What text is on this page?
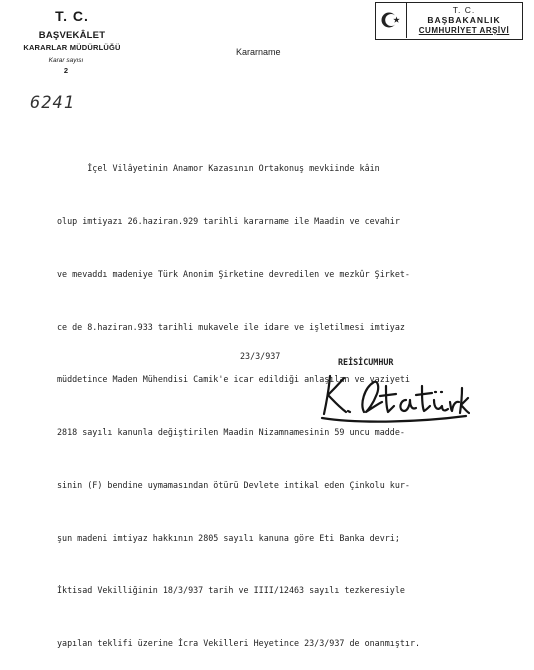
T. C.
BAŞVEKÂLET
KARARLAR MÜDÜRLÜĞÜ
Karar sayısı
2
6241
Kararname
T. C.
BAŞBAKANLIK
CUMHURİYET ARŞİVİ

İçel Vilâyetinin Anamor Kazasının Ortakonuş mevkiinde kâin

olup imtiyazı 26.haziran.929 tarihli kararname ile Maadin ve cevahir

ve mevaddı madeniye Türk Anonim Şirketine devredilen ve mezkûr Şirket-

ce de 8.haziran.933 tarihli mukavele ile idare ve işletilmesi imtiyaz

müddetince Maden Mühendisi Camik'e icar edildiği anlaşılan ve vaziyeti

2818 sayılı kanunla değiştirilen Maadin Nizamnamesinin 59 uncu madde-

sinin (F) bendine uymamasından ötürü Devlete intikal eden Çinkolu kur-

şun madeni imtiyaz hakkının 2805 sayılı kanuna göre Eti Banka devri;

İktisad Vekilliğinin 18/3/937 tarih ve IIII/12463 sayılı tezkeresiyle

yapılan teklifi üzerine İcra Vekilleri Heyetince 23/3/937 de onanmıştır.

23/3/937
REİSİCUMHUR
